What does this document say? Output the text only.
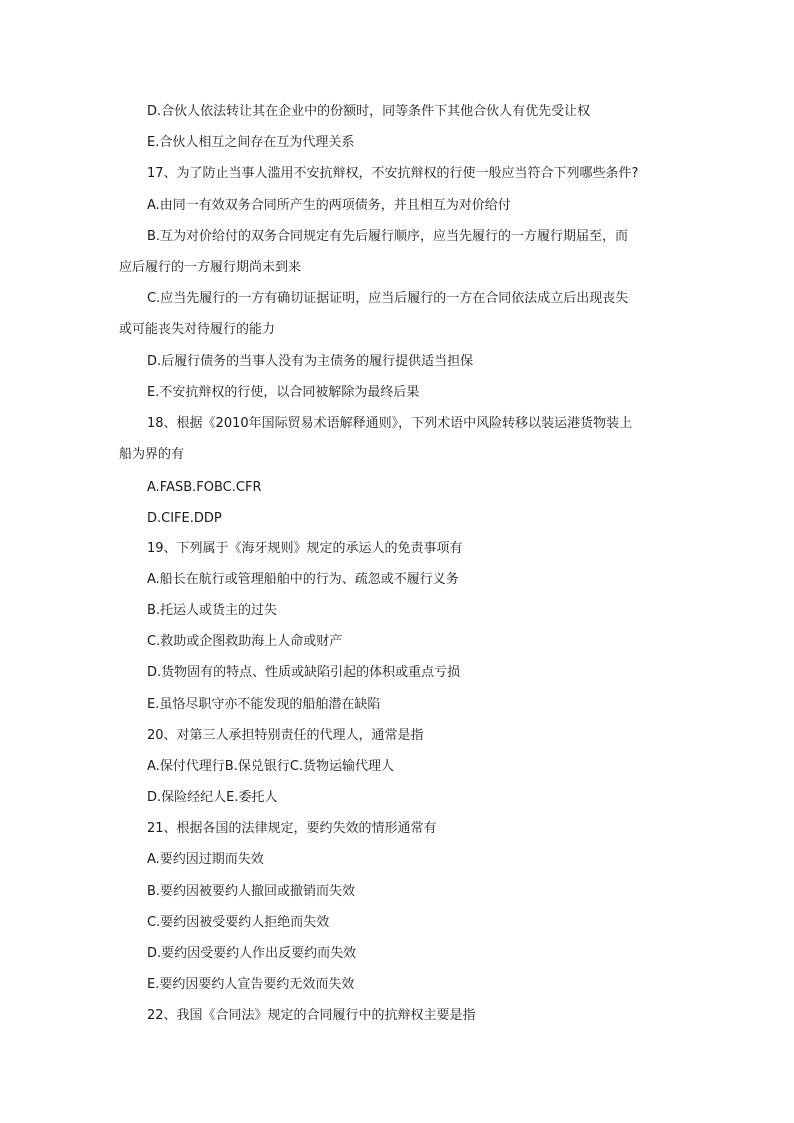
D.合伙人依法转让其在企业中的份额时，同等条件下其他合伙人有优先受让权
E.合伙人相互之间存在互为代理关系
17、为了防止当事人滥用不安抗辩权，不安抗辩权的行使一般应当符合下列哪些条件?
A.由同一有效双务合同所产生的两项债务，并且相互为对价给付
B.互为对价给付的双务合同规定有先后履行顺序，应当先履行的一方履行期届至，而
应后履行的一方履行期尚未到来
C.应当先履行的一方有确切证据证明，应当后履行的一方在合同依法成立后出现丧失
或可能丧失对待履行的能力
D.后履行债务的当事人没有为主债务的履行提供适当担保
E.不安抗辩权的行使，以合同被解除为最终后果
18、根据《2010年国际贸易术语解释通则》，下列术语中风险转移以装运港货物装上
船为界的有
A.FASB.FOBC.CFR
D.CIFE.DDP
19、下列属于《海牙规则》规定的承运人的免责事项有
A.船长在航行或管理船舶中的行为、疏忽或不履行义务
B.托运人或货主的过失
C.救助或企图救助海上人命或财产
D.货物固有的特点、性质或缺陷引起的体积或重点亏损
E.虽恪尽职守亦不能发现的船舶潜在缺陷
20、对第三人承担特别责任的代理人，通常是指
A.保付代理行B.保兑银行C.货物运输代理人
D.保险经纪人E.委托人
21、根据各国的法律规定，要约失效的情形通常有
A.要约因过期而失效
B.要约因被要约人撤回或撤销而失效
C.要约因被受要约人拒绝而失效
D.要约因受要约人作出反要约而失效
E.要约因要约人宣告要约无效而失效
22、我国《合同法》规定的合同履行中的抗辩权主要是指
